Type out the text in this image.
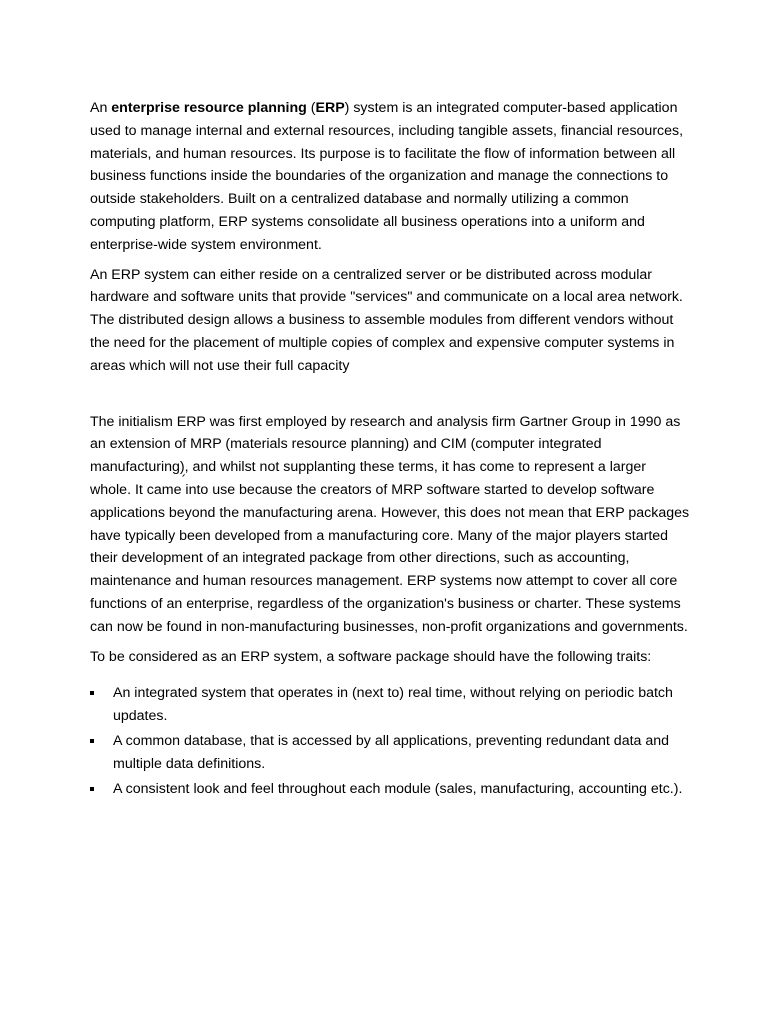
An enterprise resource planning (ERP) system is an integrated computer-based application used to manage internal and external resources, including tangible assets, financial resources, materials, and human resources. Its purpose is to facilitate the flow of information between all business functions inside the boundaries of the organization and manage the connections to outside stakeholders. Built on a centralized database and normally utilizing a common computing platform, ERP systems consolidate all business operations into a uniform and enterprise-wide system environment.

An ERP system can either reside on a centralized server or be distributed across modular hardware and software units that provide "services" and communicate on a local area network. The distributed design allows a business to assemble modules from different vendors without the need for the placement of multiple copies of complex and expensive computer systems in areas which will not use their full capacity

The initialism ERP was first employed by research and analysis firm Gartner Group in 1990 as an extension of MRP (materials resource planning) and CIM (computer integrated manufacturing), and whilst not supplanting these terms, it has come to represent a larger whole. It came into use because the creators of MRP software started to develop software applications beyond the manufacturing arena. However, this does not mean that ERP packages have typically been developed from a manufacturing core. Many of the major players started their development of an integrated package from other directions, such as accounting, maintenance and human resources management. ERP systems now attempt to cover all core functions of an enterprise, regardless of the organization's business or charter. These systems can now be found in non-manufacturing businesses, non-profit organizations and governments.

To be considered as an ERP system, a software package should have the following traits:

An integrated system that operates in (next to) real time, without relying on periodic batch updates.
A common database, that is accessed by all applications, preventing redundant data and multiple data definitions.
A consistent look and feel throughout each module (sales, manufacturing, accounting etc.).
